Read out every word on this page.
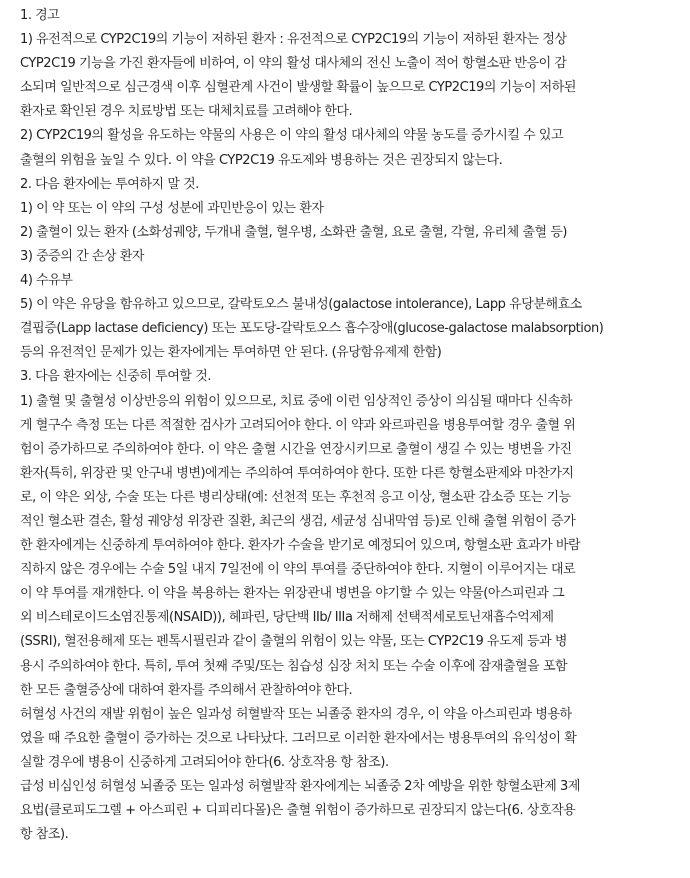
1. 경고
1) 유전적으로 CYP2C19의 기능이 저하된 환자 : 유전적으로 CYP2C19의 기능이 저하된 환자는 정상
CYP2C19 기능을 가진 환자들에 비하여, 이 약의 활성 대사체의 전신 노출이 적어 항혈소판 반응이 감
소되며 일반적으로 심근경색 이후 심혈관계 사건이 발생할 확률이 높으므로 CYP2C19의 기능이 저하된
환자로 확인된 경우 치료방법 또는 대체치료를 고려해야 한다.
2) CYP2C19의 활성을 유도하는 약물의 사용은 이 약의 활성 대사체의 약물 농도를 증가시킬 수 있고
출혈의 위험을 높일 수 있다. 이 약을 CYP2C19 유도제와 병용하는 것은 권장되지 않는다.
2. 다음 환자에는 투여하지 말 것.
1) 이 약 또는 이 약의 구성 성분에 과민반응이 있는 환자
2) 출혈이 있는 환자 (소화성궤양, 두개내 출혈, 혈우병, 소화관 출혈, 요로 출혈, 각혈, 유리체 출혈 등)
3) 중증의 간 손상 환자
4) 수유부
5) 이 약은 유당을 함유하고 있으므로, 갈락토오스 불내성(galactose intolerance), Lapp 유당분해효소
결핍증(Lapp lactase deficiency) 또는 포도당-갈락토오스 흡수장애(glucose-galactose malabsorption)
등의 유전적인 문제가 있는 환자에게는 투여하면 안 된다. (유당함유제제 한함)
3. 다음 환자에는 신중히 투여할 것.
1) 출혈 및 출혈성 이상반응의 위험이 있으므로, 치료 중에 이런 임상적인 증상이 의심될 때마다 신속하
게 혈구수 측정 또는 다른 적절한 검사가 고려되어야 한다. 이 약과 와르파린을 병용투여할 경우 출혈 위
험이 증가하므로 주의하여야 한다. 이 약은 출혈 시간을 연장시키므로 출혈이 생길 수 있는 병변을 가진
환자(특히, 위장관 및 안구내 병변)에게는 주의하여 투여하여야 한다. 또한 다른 항혈소판제와 마찬가지
로, 이 약은 외상, 수술 또는 다른 병리상태(예: 선천적 또는 후천적 응고 이상, 혈소판 감소증 또는 기능
적인 혈소판 결손, 활성 궤양성 위장관 질환, 최근의 생검, 세균성 심내막염 등)로 인해 출혈 위험이 증가
한 환자에게는 신중하게 투여하여야 한다. 환자가 수술을 받기로 예정되어 있으며, 항혈소판 효과가 바람
직하지 않은 경우에는 수술 5일 내지 7일전에 이 약의 투여를 중단하여야 한다. 지혈이 이루어지는 대로
이 약 투여를 재개한다. 이 약을 복용하는 환자는 위장관내 병변을 야기할 수 있는 약물(아스피린과 그
외 비스테로이드소염진통제(NSAID)), 헤파린, 당단백 IIb/ IIIa 저해제 선택적세로토닌재흡수억제제
(SSRI), 혈전용해제 또는 펜톡시필린과 같이 출혈의 위험이 있는 약물, 또는 CYP2C19 유도제 등과 병
용시 주의하여야 한다. 특히, 투여 첫째 주및/또는 침습성 심장 처치 또는 수술 이후에 잠재출혈을 포함
한 모든 출혈증상에 대하여 환자를 주의해서 관찰하여야 한다.
허혈성 사건의 재발 위험이 높은 일과성 허혈발작 또는 뇌졸중 환자의 경우, 이 약을 아스피린과 병용하
였을 때 주요한 출혈이 증가하는 것으로 나타났다. 그러므로 이러한 환자에서는 병용투여의 유익성이 확
실할 경우에 병용이 신중하게 고려되어야 한다(6. 상호작용 항 참조).
급성 비심인성 허혈성 뇌졸중 또는 일과성 허혈발작 환자에게는 뇌졸중 2차 예방을 위한 항혈소판제 3제
요법(클로피도그렐 + 아스피린 + 디피리다몰)은 출혈 위험이 증가하므로 권장되지 않는다(6. 상호작용
항 참조).
